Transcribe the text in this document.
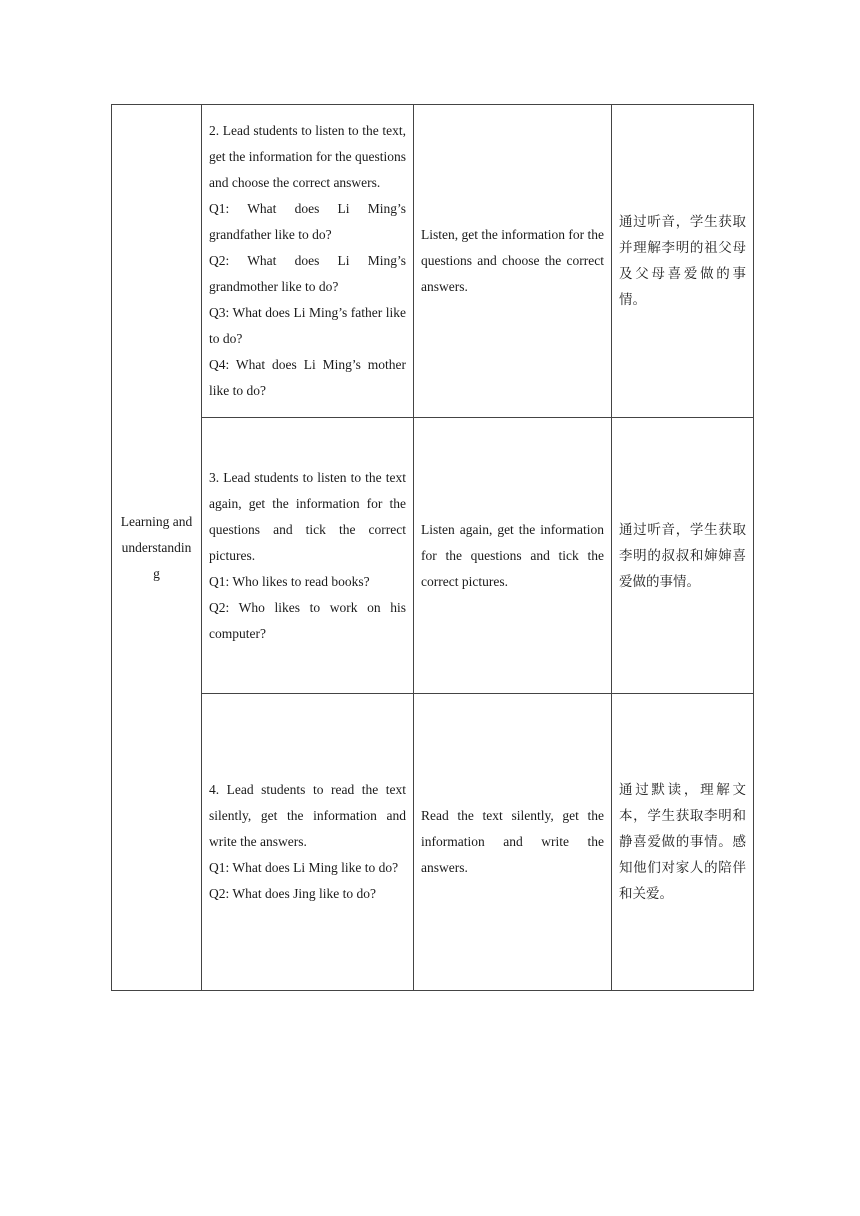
Learning and understanding	2. Lead students to listen to the text, get the information for the questions and choose the correct answers.
Q1: What does Li Ming’s grandfather like to do?
Q2: What does Li Ming’s grandmother like to do?
Q3: What does Li Ming’s father like to do?
Q4: What does Li Ming’s mother like to do?	Listen, get the information for the questions and choose the correct answers.	通过听音，学生获取并理解李明的祖父母及父母喜爱做的事情。

	3. Lead students to listen to the text again, get the information for the questions and tick the correct pictures.
Q1: Who likes to read books?
Q2: Who likes to work on his computer?	Listen again, get the information for the questions and tick the correct pictures.	通过听音，学生获取李明的叔叔和婶婶喜爱做的事情。

	4. Lead students to read the text silently, get the information and write the answers.
Q1: What does Li Ming like to do?
Q2: What does Jing like to do?	Read the text silently, get the information and write the answers.	通过默读，理解文本，学生获取李明和静喜爱做的事情。感知他们对家人的陪伴和关爱。
